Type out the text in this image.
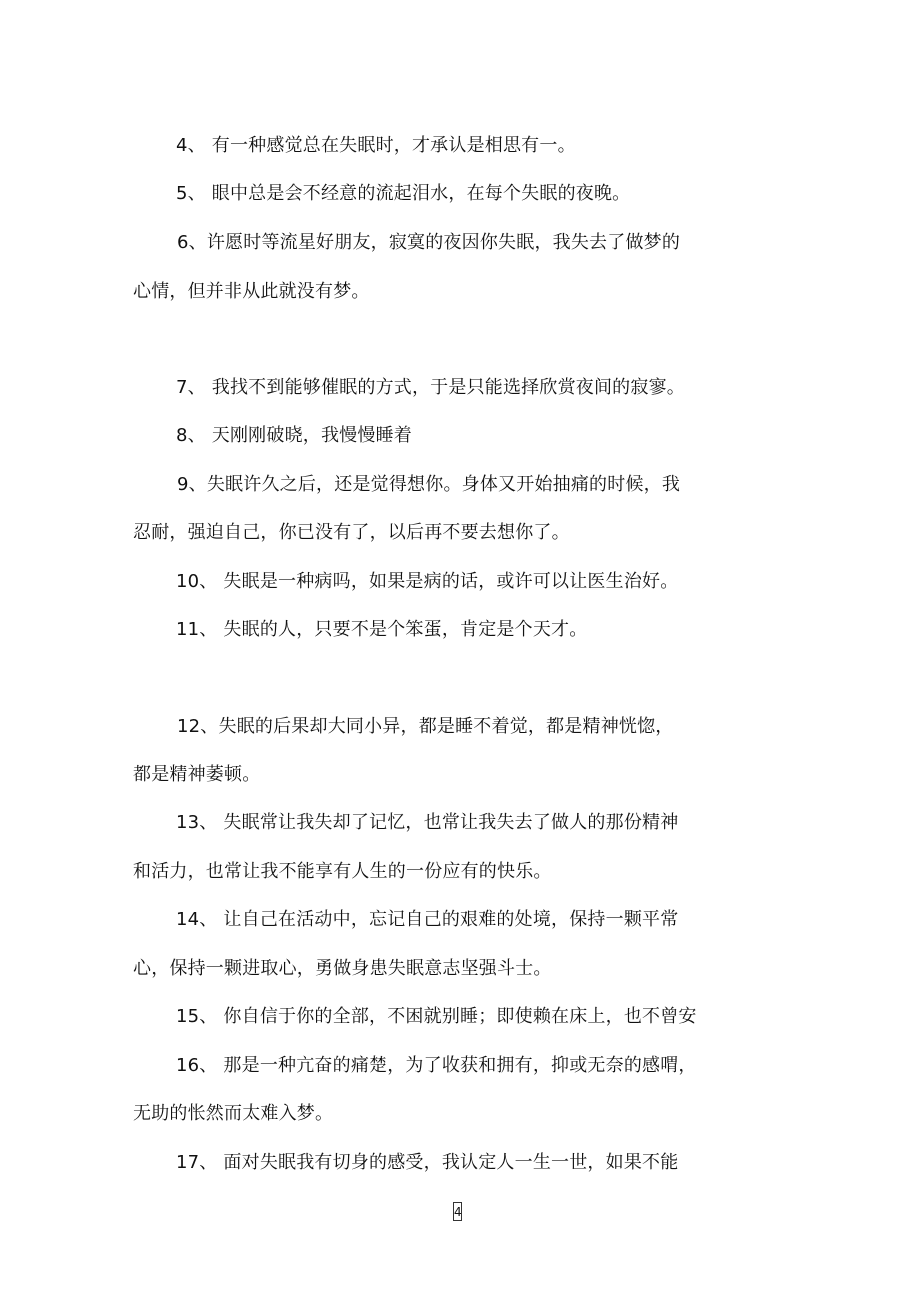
4、 有一种感觉总在失眠时，才承认是相思有一。
5、 眼中总是会不经意的流起泪水，在每个失眠的夜晚。
6、许愿时等流星好朋友，寂寞的夜因你失眠，我失去了做梦的
心情，但并非从此就没有梦。
7、 我找不到能够催眠的方式，于是只能选择欣赏夜间的寂寥。
8、 天刚刚破晓，我慢慢睡着
9、失眠许久之后，还是觉得想你。身体又开始抽痛的时候，我
忍耐，强迫自己，你已没有了，以后再不要去想你了。
10、 失眠是一种病吗，如果是病的话，或许可以让医生治好。
11、 失眠的人，只要不是个笨蛋，肯定是个天才。
12、失眠的后果却大同小异，都是睡不着觉，都是精神恍惚，
都是精神萎顿。
13、 失眠常让我失却了记忆，也常让我失去了做人的那份精神
和活力，也常让我不能享有人生的一份应有的快乐。
14、 让自己在活动中，忘记自己的艰难的处境，保持一颗平常
心，保持一颗进取心，勇做身患失眠意志坚强斗士。
15、 你自信于你的全部，不困就别睡；即使赖在床上，也不曾安
16、 那是一种亢奋的痛楚，为了收获和拥有，抑或无奈的感喟，
无助的怅然而太难入梦。
17、 面对失眠我有切身的感受，我认定人一生一世，如果不能
4
